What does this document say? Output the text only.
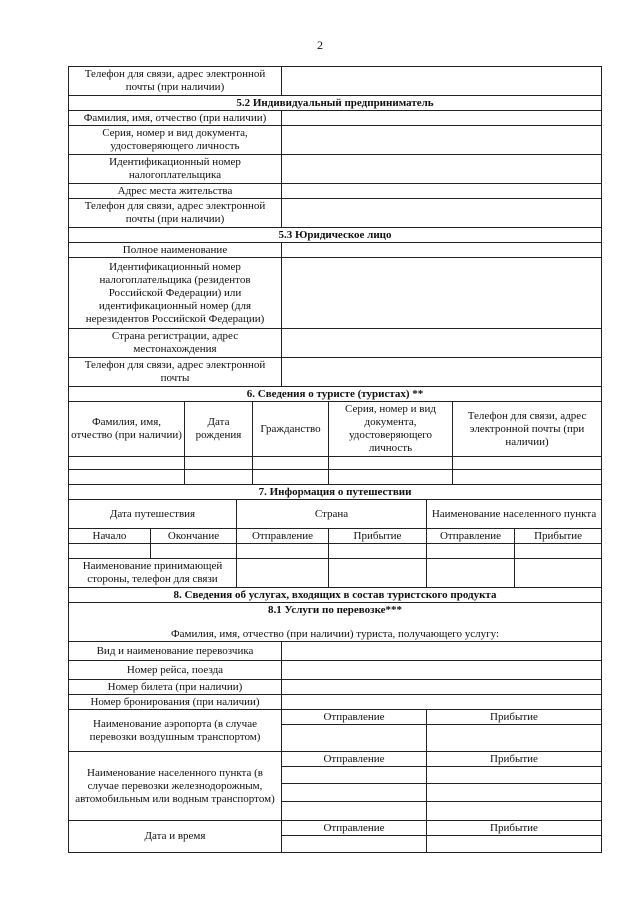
2
Телефон для связи, адрес электронной почты (при наличии)	
5.2 Индивидуальный предприниматель	
Фамилия, имя, отчество (при наличии)	
Серия, номер и вид документа, удостоверяющего личность	
Идентификационный номер налогоплательщика	
Адрес места жительства	
Телефон для связи, адрес электронной почты (при наличии)	
5.3 Юридическое лицо	
Полное наименование	
Идентификационный номер налогоплательщика (резидентов Российской Федерации) или идентификационный номер (для нерезидентов Российской Федерации)	
Страна регистрации, адрес местонахождения	
Телефон для связи, адрес электронной почты	
6. Сведения о туристе (туристах) **				
Фамилия, имя, отчество (при наличии)	Дата рождения	Гражданство	Серия, номер и вид документа, удостоверяющего личность	Телефон для связи, адрес электронной почты (при наличии)

7. Информация о путешествии					
Дата путешествия		Страна		Наименование населенного пункта	
Начало	Окончание	Отправление	Прибытие	Отправление	Прибытие

Наименование принимающей стороны, телефон для связи					
8. Сведения об услугах, входящих в состав туристского продукта		
8.1 Услуги по перевозке***		
Фамилия, имя, отчество (при наличии) туриста, получающего услугу:		
Вид и наименование перевозчика		
Номер рейса, поезда		
Номер билета (при наличии)		
Номер бронирования (при наличии)		
Наименование аэропорта (в случае перевозки воздушным транспортом)	Отправление	Прибытие

Наименование населенного пункта (в случае перевозки железнодорожным, автомобильным или водным транспортом)	Отправление	Прибытие

Дата и время	Отправление	Прибытие
